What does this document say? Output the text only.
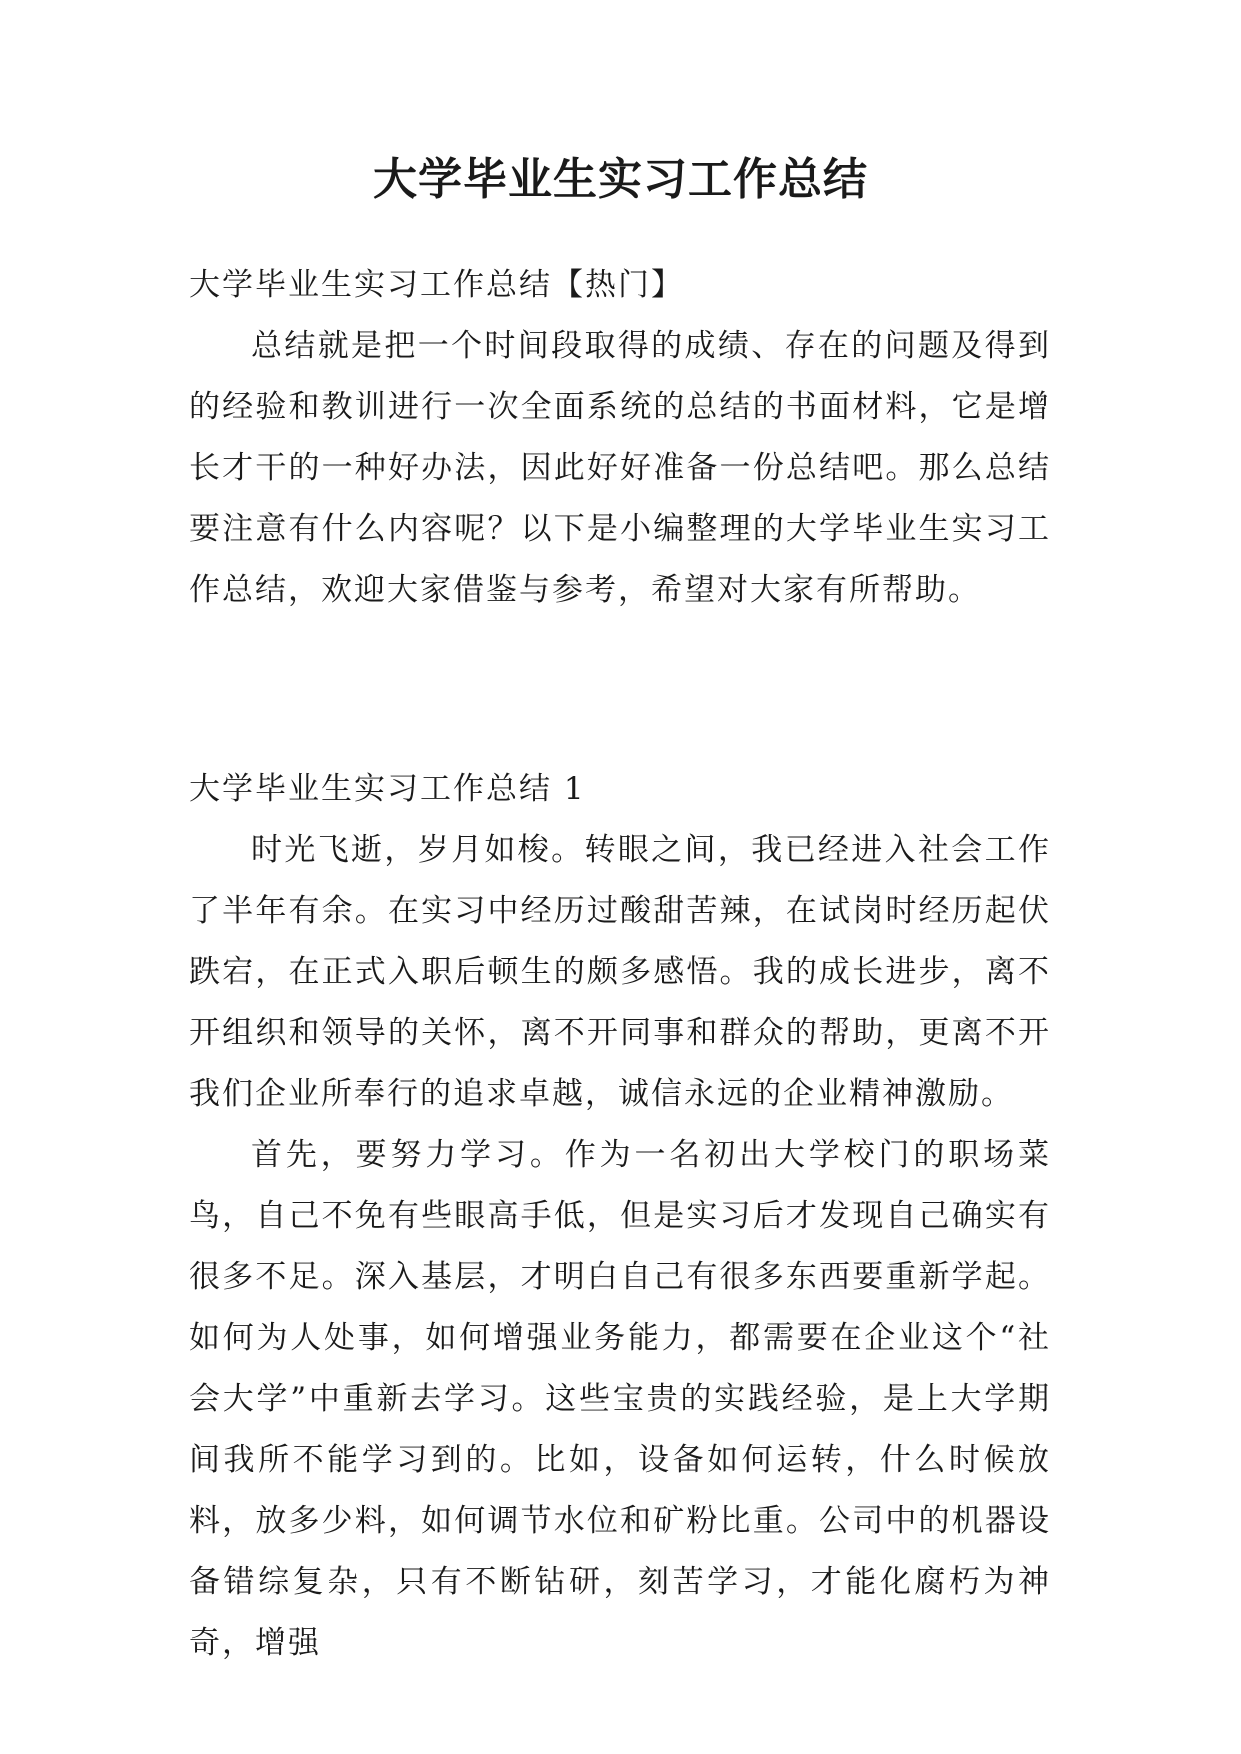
大学毕业生实习工作总结

大学毕业生实习工作总结【热门】

总结就是把一个时间段取得的成绩、存在的问题及得到的经验和教训进行一次全面系统的总结的书面材料，它是增长才干的一种好办法，因此好好准备一份总结吧。那么总结要注意有什么内容呢？以下是小编整理的大学毕业生实习工作总结，欢迎大家借鉴与参考，希望对大家有所帮助。

大学毕业生实习工作总结 1

时光飞逝，岁月如梭。转眼之间，我已经进入社会工作了半年有余。在实习中经历过酸甜苦辣，在试岗时经历起伏跌宕，在正式入职后顿生的颇多感悟。我的成长进步，离不开组织和领导的关怀，离不开同事和群众的帮助，更离不开我们企业所奉行的追求卓越，诚信永远的企业精神激励。

首先，要努力学习。作为一名初出大学校门的职场菜鸟，自己不免有些眼高手低，但是实习后才发现自己确实有很多不足。深入基层，才明白自己有很多东西要重新学起。如何为人处事，如何增强业务能力，都需要在企业这个“社会大学”中重新去学习。这些宝贵的实践经验，是上大学期间我所不能学习到的。比如，设备如何运转，什么时候放料，放多少料，如何调节水位和矿粉比重。公司中的机器设备错综复杂，只有不断钻研，刻苦学习，才能化腐朽为神奇，增强
